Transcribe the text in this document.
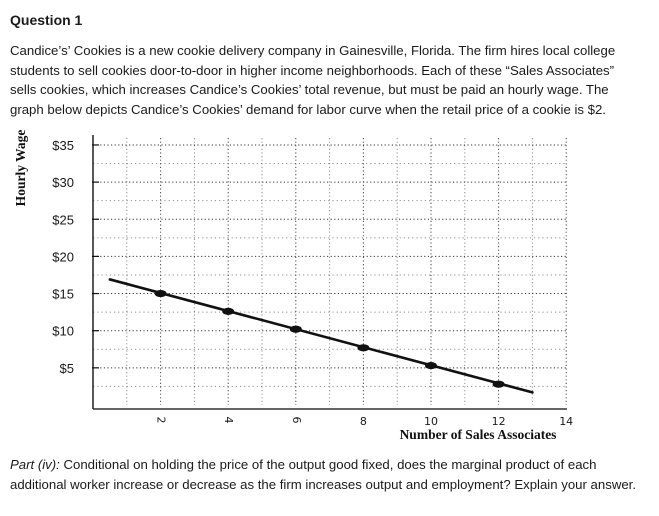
Question 1
Candice’s’ Cookies is a new cookie delivery company in Gainesville, Florida. The firm hires local college students to sell cookies door-to-door in higher income neighborhoods. Each of these “Sales Associates” sells cookies, which increases Candice’s Cookies’ total revenue, but must be paid an hourly wage. The graph below depicts Candice’s Cookies’ demand for labor curve when the retail price of a cookie is $2.
$5
$10
$15
$20
$25
$30
$35
2	4	6	8	10	12	14
Number of Sales Associates
Hourly Wage
Part (iv): Conditional on holding the price of the output good fixed, does the marginal product of each additional worker increase or decrease as the firm increases output and employment? Explain your answer.
